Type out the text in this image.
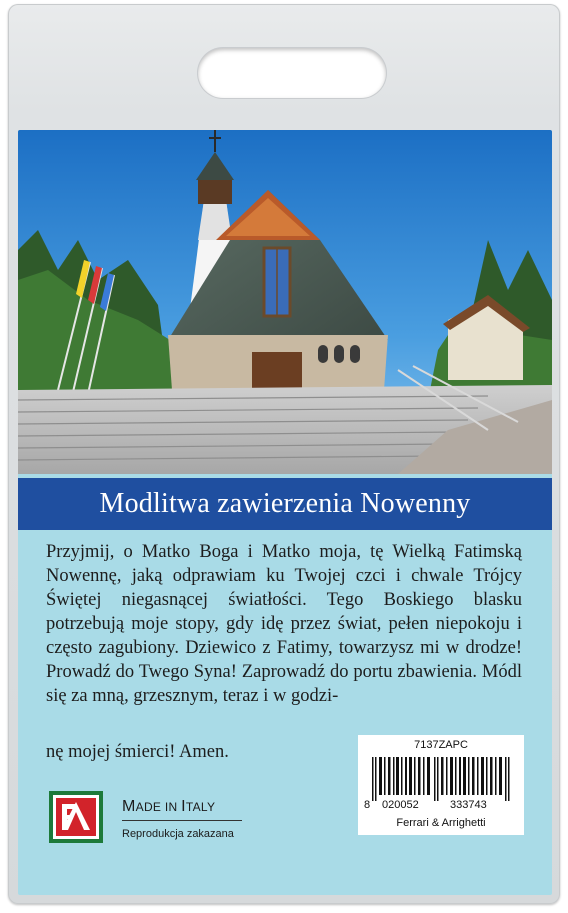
Modlitwa zawierzenia Nowenny
Przyjmij, o Matko Boga i Matko moja, tę Wielką Fatimską Nowennę, jaką odprawiam ku Twojej czci i chwale Trójcy Świętej niegasnącej światłości. Tego Boskiego blasku potrzebują moje stopy, gdy idę przez świat, pełen niepokoju i często zagubiony. Dziewico z Fatimy, towarzysz mi w drodze! Prowadź do Twego Syna! Zaprowadź do portu zbawienia. Módl się za mną, grzesznym, teraz i w godzi-
nę mojej śmierci! Amen.	7137ZAPC
8 020052	333743
Ferrari & Arrighetti
MADE IN ITALY
Reprodukcja zakazana
